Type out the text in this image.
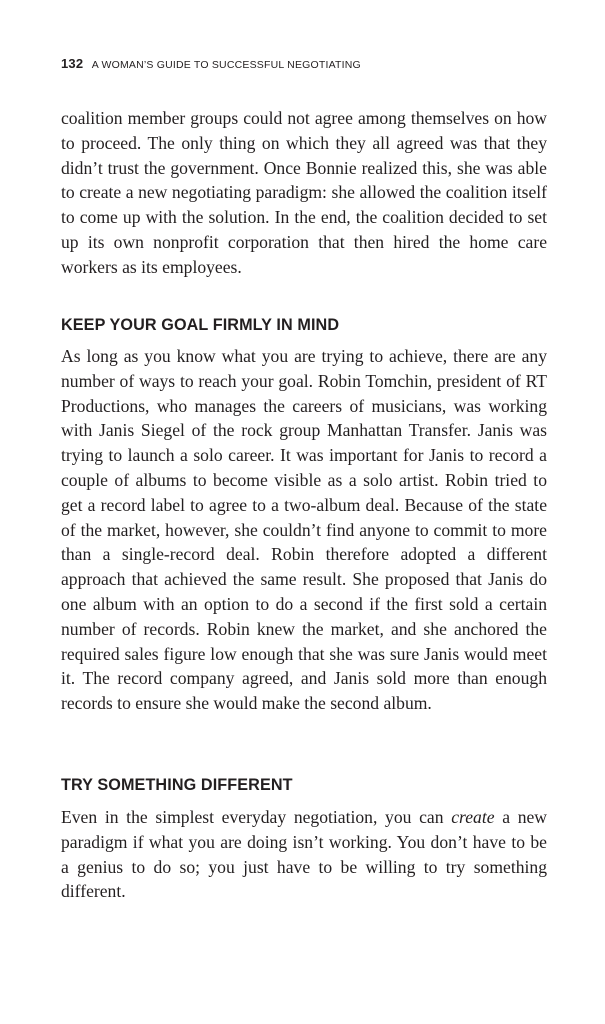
132 A WOMAN’S GUIDE TO SUCCESSFUL NEGOTIATING

coalition member groups could not agree among themselves on how to proceed. The only thing on which they all agreed was that they didn’t trust the government. Once Bonnie realized this, she was able to create a new negotiating paradigm: she allowed the coalition itself to come up with the solution. In the end, the coalition decided to set up its own nonprofit corporation that then hired the home care workers as its employees.

KEEP YOUR GOAL FIRMLY IN MIND

As long as you know what you are trying to achieve, there are any number of ways to reach your goal. Robin Tomchin, president of RT Productions, who manages the careers of musicians, was working with Janis Siegel of the rock group Manhattan Transfer. Janis was trying to launch a solo career. It was important for Janis to record a couple of albums to become visible as a solo artist. Robin tried to get a record label to agree to a two-album deal. Because of the state of the market, however, she couldn’t find anyone to commit to more than a single-record deal. Robin therefore adopted a different approach that achieved the same result. She proposed that Janis do one album with an option to do a second if the first sold a certain number of records. Robin knew the market, and she anchored the required sales figure low enough that she was sure Janis would meet it. The record company agreed, and Janis sold more than enough records to ensure she would make the second album.

TRY SOMETHING DIFFERENT

Even in the simplest everyday negotiation, you can create a new paradigm if what you are doing isn’t working. You don’t have to be a genius to do so; you just have to be willing to try something different.
